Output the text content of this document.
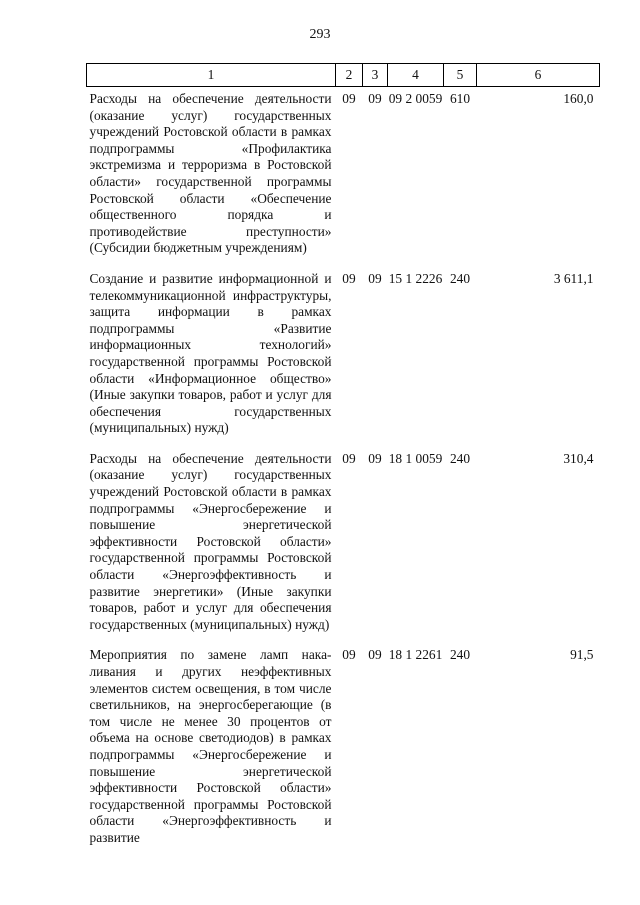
293
1	2	3	4	5	6
Расходы на обеспечение деятельности (оказание услуг) государственных учреждений Ростовской области в рамках подпрограммы «Профилактика экстремизма и терроризма в Ростовской области» государственной программы Ростовской области «Обеспечение общественного порядка и противодействие преступности» (Субсидии бюджетным учреждениям)	09	09	09 2 0059	610	160,0
Создание и развитие информационной и телекоммуникационной инфраструктуры, защита информации в рамках подпрограммы «Развитие информационных технологий» государственной программы Ростовской области «Информационное общество» (Иные закупки товаров, работ и услуг для обеспечения государственных (муниципальных) нужд)	09	09	15 1 2226	240	3 611,1
Расходы на обеспечение деятельности (оказание услуг) государственных учреждений Ростовской области в рамках подпрограммы «Энергосбережение и повышение энергетической эффективности Ростовской области» государственной программы Ростовской области «Энергоэффективность и развитие энергетики» (Иные закупки товаров, работ и услуг для обеспечения государственных (муниципальных) нужд)	09	09	18 1 0059	240	310,4
Мероприятия по замене ламп накаливания и других неэффективных элементов систем освещения, в том числе светильников, на энергосберегающие (в том числе не менее 30 процентов от объема на основе светодиодов) в рамках подпрограммы «Энергосбережение и повышение энергетической эффективности Ростовской области» государственной программы Ростовской области «Энергоэффективность и развитие	09	09	18 1 2261	240	91,5
